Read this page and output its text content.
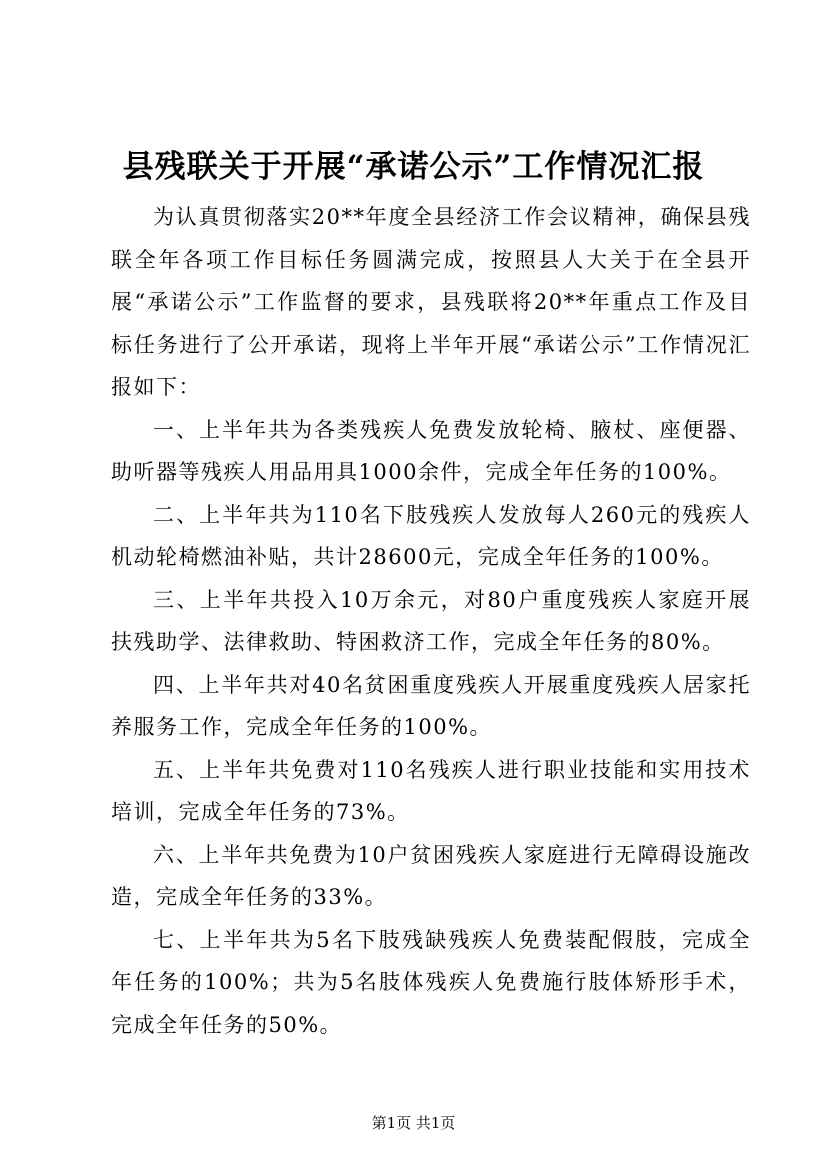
县残联关于开展“承诺公示”工作情况汇报

为认真贯彻落实20**年度全县经济工作会议精神，确保县残联全年各项工作目标任务圆满完成，按照县人大关于在全县开展“承诺公示”工作监督的要求，县残联将20**年重点工作及目标任务进行了公开承诺，现将上半年开展“承诺公示”工作情况汇报如下：

一、上半年共为各类残疾人免费发放轮椅、腋杖、座便器、助听器等残疾人用品用具1000余件，完成全年任务的100%。

二、上半年共为110名下肢残疾人发放每人260元的残疾人机动轮椅燃油补贴，共计28600元，完成全年任务的100%。

三、上半年共投入10万余元，对80户重度残疾人家庭开展扶残助学、法律救助、特困救济工作，完成全年任务的80%。

四、上半年共对40名贫困重度残疾人开展重度残疾人居家托养服务工作，完成全年任务的100%。

五、上半年共免费对110名残疾人进行职业技能和实用技术培训，完成全年任务的73%。

六、上半年共免费为10户贫困残疾人家庭进行无障碍设施改造，完成全年任务的33%。

七、上半年共为5名下肢残缺残疾人免费装配假肢，完成全年任务的100%；共为5名肢体残疾人免费施行肢体矫形手术，完成全年任务的50%。

第1页 共1页
